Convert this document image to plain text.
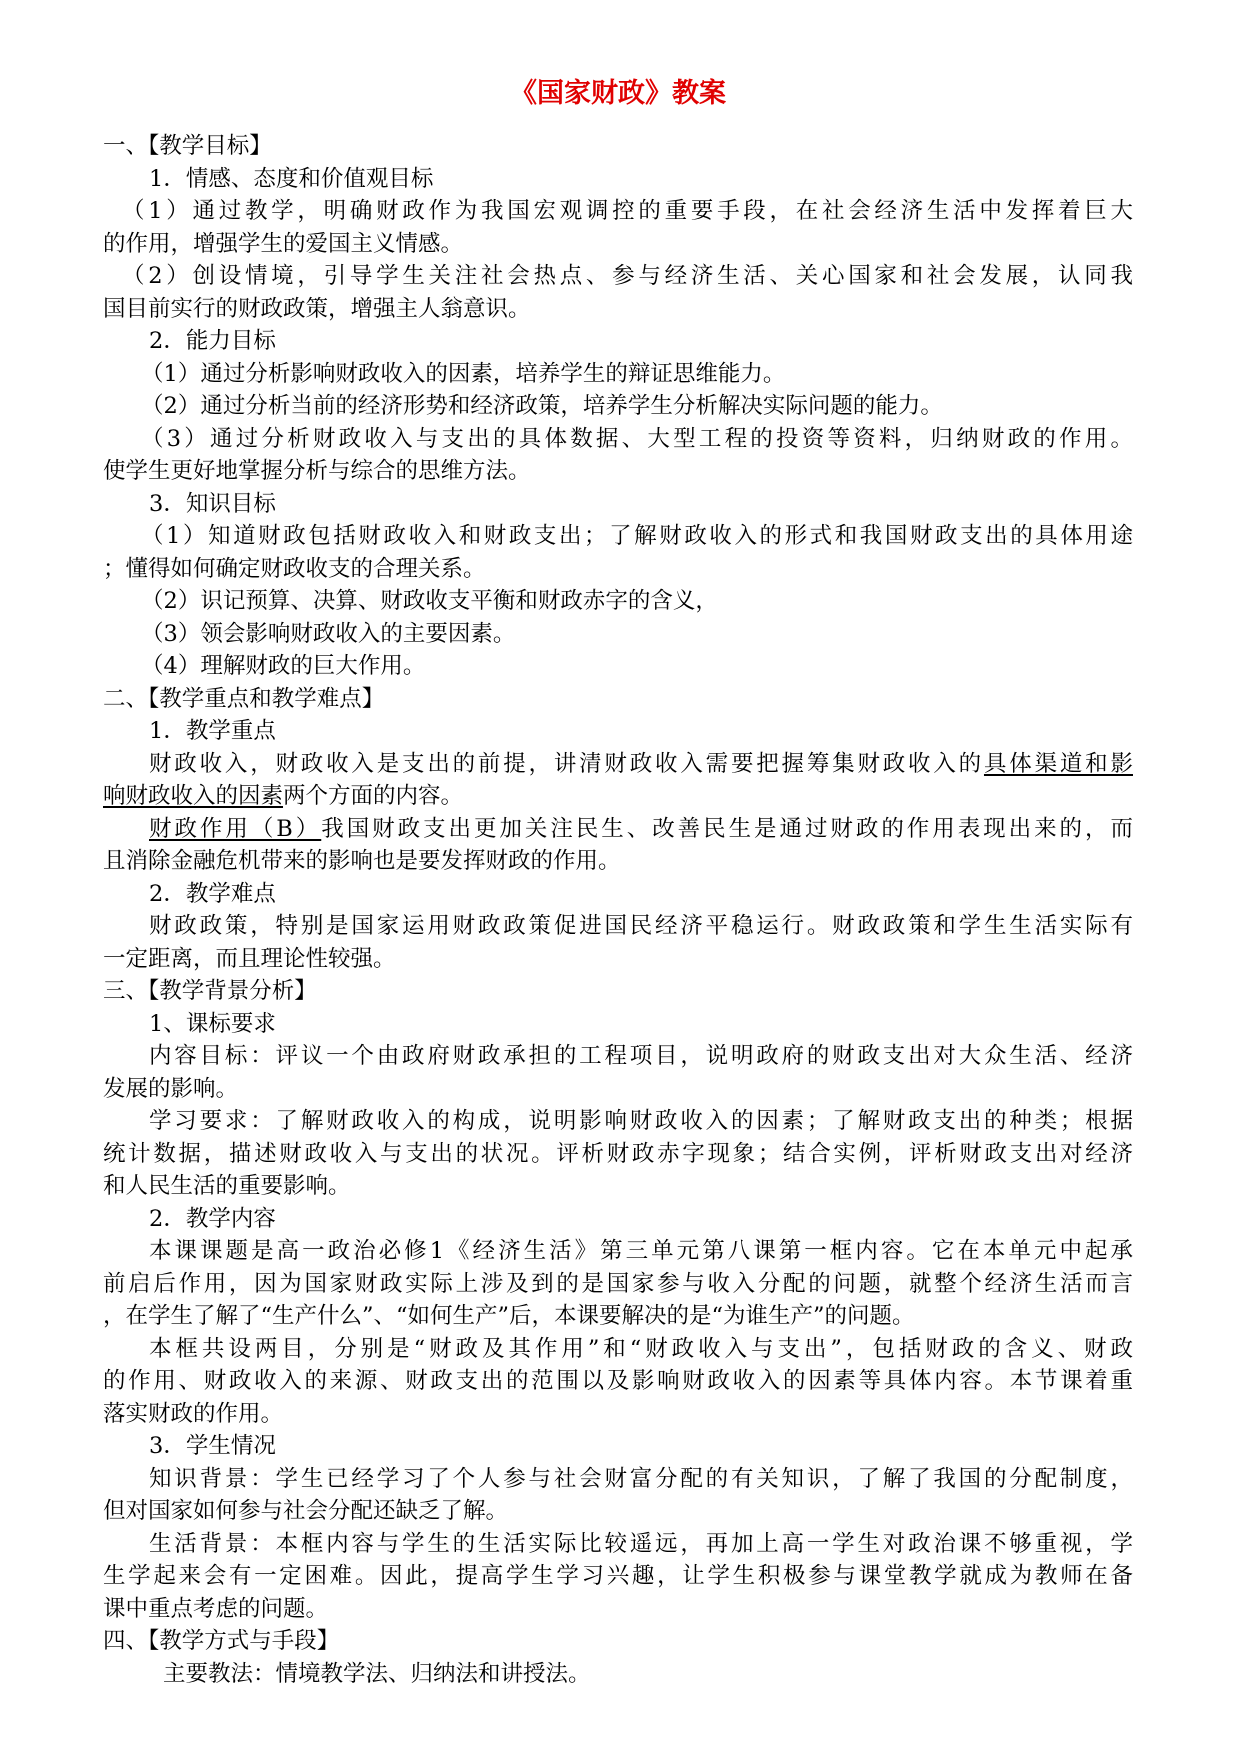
《国家财政》教案
一、【教学目标】
1．情感、态度和价值观目标
（1）通过教学，明确财政作为我国宏观调控的重要手段，在社会经济生活中发挥着巨大
的作用，增强学生的爱国主义情感。
（2）创设情境，引导学生关注社会热点、参与经济生活、关心国家和社会发展，认同我
国目前实行的财政政策，增强主人翁意识。
2．能力目标
（1）通过分析影响财政收入的因素，培养学生的辩证思维能力。
（2）通过分析当前的经济形势和经济政策，培养学生分析解决实际问题的能力。
（3）通过分析财政收入与支出的具体数据、大型工程的投资等资料，归纳财政的作用。
使学生更好地掌握分析与综合的思维方法。
3．知识目标
（1）知道财政包括财政收入和财政支出；了解财政收入的形式和我国财政支出的具体用途
；懂得如何确定财政收支的合理关系。
（2）识记预算、决算、财政收支平衡和财政赤字的含义，
（3）领会影响财政收入的主要因素。
（4）理解财政的巨大作用。
二、【教学重点和教学难点】
1．教学重点
财政收入，财政收入是支出的前提，讲清财政收入需要把握筹集财政收入的具体渠道和影
响财政收入的因素两个方面的内容。
财政作用（B）我国财政支出更加关注民生、改善民生是通过财政的作用表现出来的，而
且消除金融危机带来的影响也是要发挥财政的作用。
2．教学难点
财政政策，特别是国家运用财政政策促进国民经济平稳运行。财政政策和学生生活实际有
一定距离，而且理论性较强。
三、【教学背景分析】
1、课标要求
内容目标：评议一个由政府财政承担的工程项目，说明政府的财政支出对大众生活、经济
发展的影响。
学习要求：了解财政收入的构成，说明影响财政收入的因素；了解财政支出的种类；根据
统计数据，描述财政收入与支出的状况。评析财政赤字现象；结合实例，评析财政支出对经济
和人民生活的重要影响。
2．教学内容
本课课题是高一政治必修1《经济生活》第三单元第八课第一框内容。它在本单元中起承
前启后作用，因为国家财政实际上涉及到的是国家参与收入分配的问题，就整个经济生活而言
，在学生了解了“生产什么”、“如何生产”后，本课要解决的是“为谁生产”的问题。
本框共设两目，分别是“财政及其作用”和“财政收入与支出”，包括财政的含义、财政
的作用、财政收入的来源、财政支出的范围以及影响财政收入的因素等具体内容。本节课着重
落实财政的作用。
3．学生情况
知识背景：学生已经学习了个人参与社会财富分配的有关知识，了解了我国的分配制度，
但对国家如何参与社会分配还缺乏了解。
生活背景：本框内容与学生的生活实际比较遥远，再加上高一学生对政治课不够重视，学
生学起来会有一定困难。因此，提高学生学习兴趣，让学生积极参与课堂教学就成为教师在备
课中重点考虑的问题。
四、【教学方式与手段】
主要教法：情境教学法、归纳法和讲授法。
